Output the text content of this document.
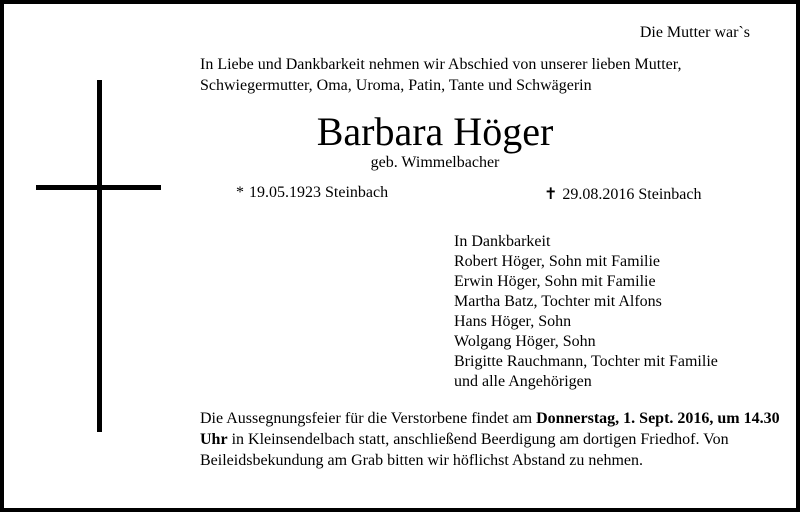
Die Mutter war`s
In Liebe und Dankbarkeit nehmen wir Abschied von unserer lieben Mutter,
Schwiegermutter, Oma, Uroma, Patin, Tante und Schwägerin
Barbara Höger
geb. Wimmelbacher
* 19.05.1923 Steinbach	✝ 29.08.2016 Steinbach
In Dankbarkeit
Robert Höger, Sohn mit Familie
Erwin Höger, Sohn mit Familie
Martha Batz, Tochter mit Alfons
Hans Höger, Sohn
Wolgang Höger, Sohn
Brigitte Rauchmann, Tochter mit Familie
und alle Angehörigen
Die Aussegnungsfeier für die Verstorbene findet am Donnerstag, 1. Sept. 2016, um 14.30 Uhr in Kleinsendelbach statt, anschließend Beerdigung am dortigen Friedhof. Von Beileidsbekundung am Grab bitten wir höflichst Abstand zu nehmen.
